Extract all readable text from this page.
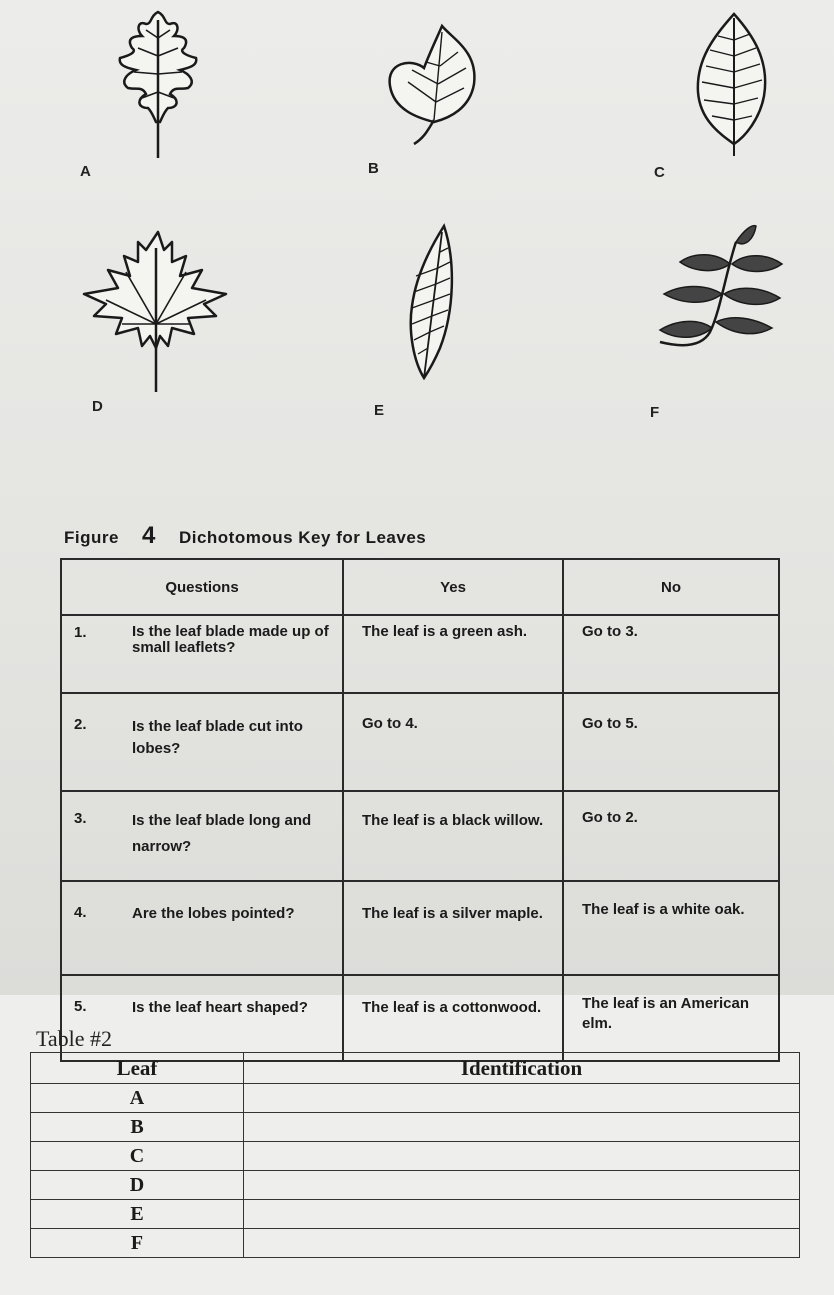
A	B	C
D	E	F
Figure 4 Dichotomous Key for Leaves
Questions	Yes	No
1. Is the leaf blade made up of small leaflets?	The leaf is a green ash.	Go to 3.
2. Is the leaf blade cut into lobes?	Go to 4.	Go to 5.
3. Is the leaf blade long and narrow?	The leaf is a black willow.	Go to 2.
4. Are the lobes pointed?	The leaf is a silver maple.	The leaf is a white oak.
5. Is the leaf heart shaped?	The leaf is a cottonwood.	The leaf is an American elm.
Table #2
Leaf	Identification
A	
B	
C	
D	
E	
F	
